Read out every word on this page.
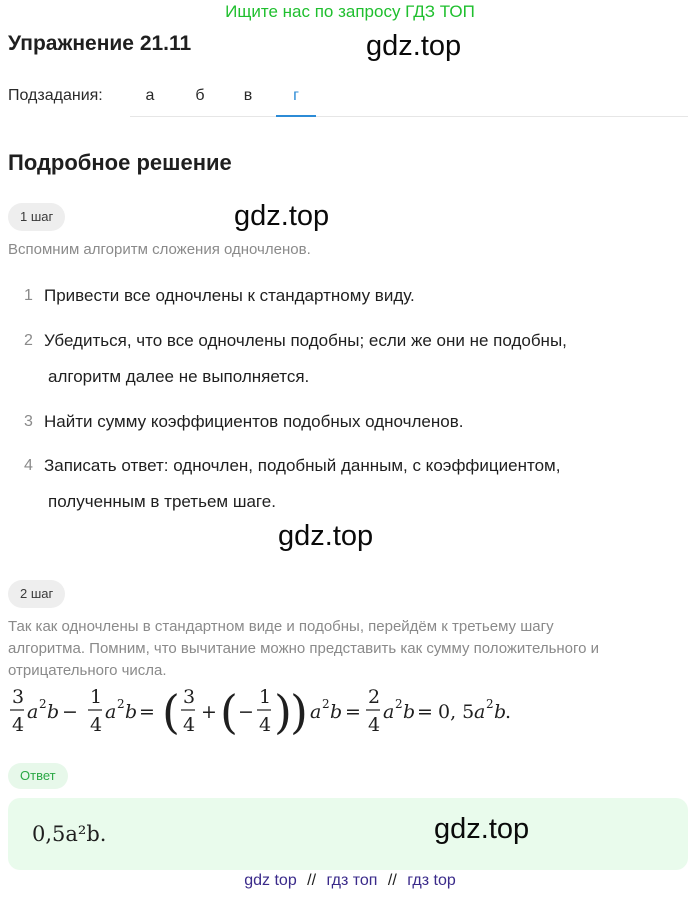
Ищите нас по запросу ГДЗ ТОП
Упражнение 21.11	gdz.top
Подзадания:	а	б	в	г
Подробное решение
1 шаг	gdz.top
Вспомним алгоритм сложения одночленов.
1 Привести все одночлены к стандартному виду.
2 Убедиться, что все одночлены подобны; если же они не подобны,
алгоритм далее не выполняется.
3 Найти сумму коэффициентов подобных одночленов.
4 Записать ответ: одночлен, подобный данным, с коэффициентом,
полученным в третьем шаге.
gdz.top
2 шаг
Так как одночлены в стандартном виде и подобны, перейдём к третьему шагу
алгоритма. Помним, что вычитание можно представить как сумму положительного и
отрицательного числа.
3
4
a 2 b −
1
4
a 2 b = ( 3
4
+ ( −
1
4 )
) a 2 b =
2
4
a 2 b = 0, 5 a 2 b
.
Ответ
0,5a²b.	gdz.top
gdz top // гдз топ // гдз top
